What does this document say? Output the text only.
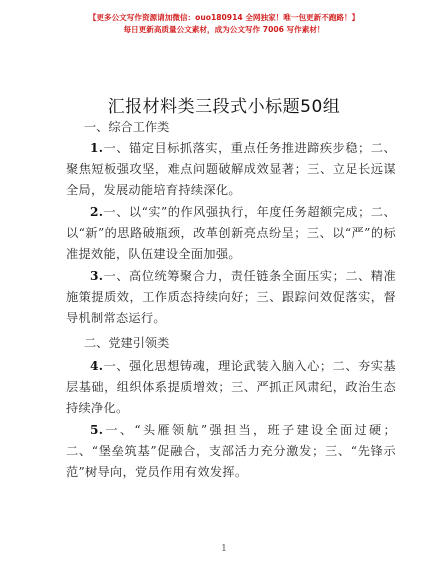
【更多公文写作资源请加微信：ouo180914 全网独家！唯一包更新不跑路！】
每日更新高质量公文素材，成为公文写作 7006 写作素材！
汇报材料类三段式小标题50组
一、综合工作类

1.一、锚定目标抓落实，重点任务推进蹄疾步稳；二、聚焦短板强攻坚，难点问题破解成效显著；三、立足长远谋全局，发展动能培育持续深化。

2.一、以“实”的作风强执行，年度任务超额完成；二、以“新”的思路破瓶颈，改革创新亮点纷呈；三、以“严”的标准提效能，队伍建设全面加强。

3.一、高位统筹聚合力，责任链条全面压实；二、精准施策提质效，工作质态持续向好；三、跟踪问效促落实，督导机制常态运行。

二、党建引领类

4.一、强化思想铸魂，理论武装入脑入心；二、夯实基层基础，组织体系提质增效；三、严抓正风肃纪，政治生态持续净化。

5.一、“头雁领航”强担当，班子建设全面过硬；二、“堡垒筑基”促融合，支部活力充分激发；三、“先锋示范”树导向，党员作用有效发挥。

1
